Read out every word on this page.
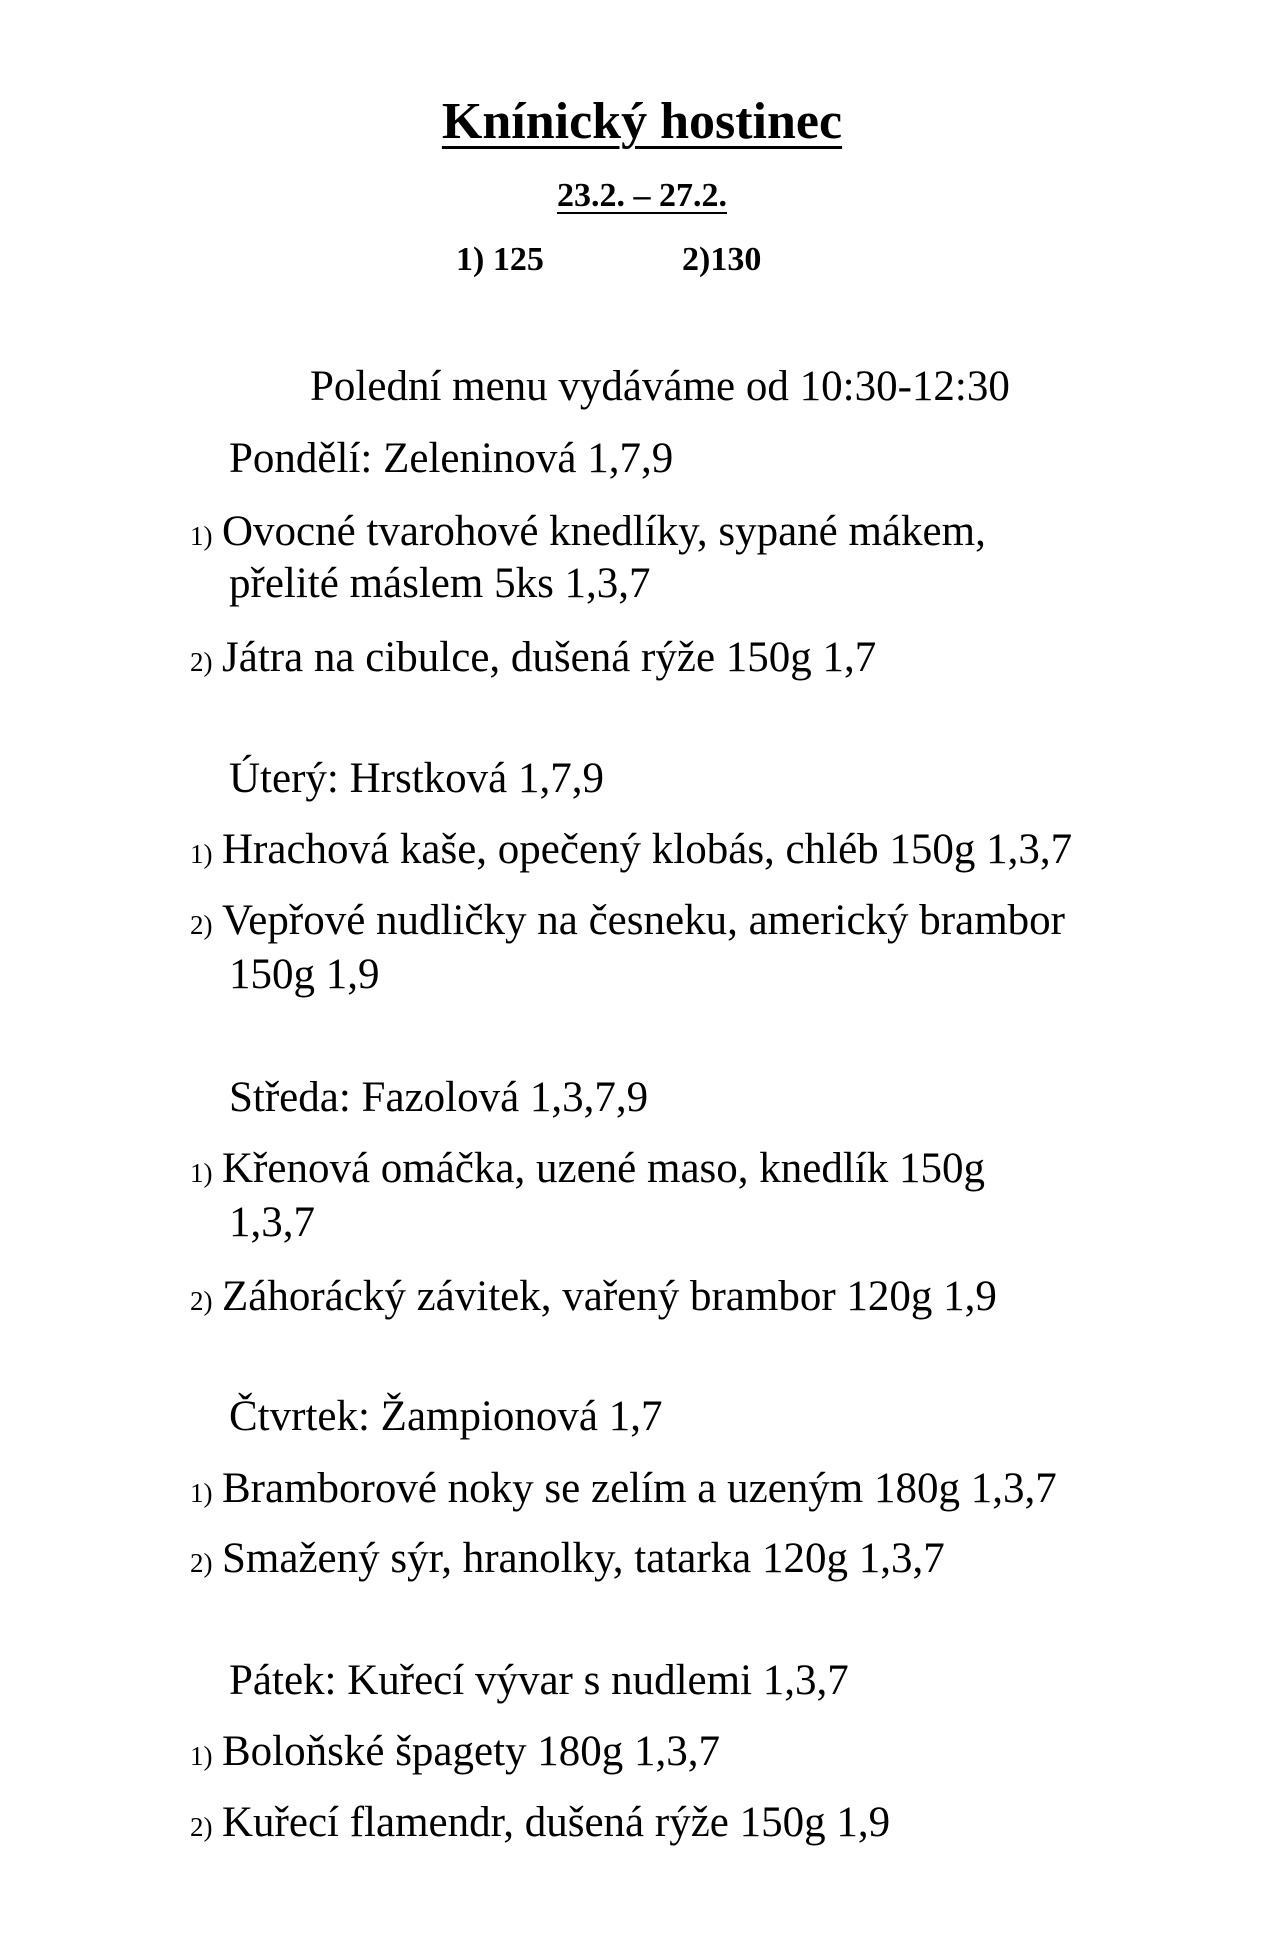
Knínický hostinec
23.2. – 27.2.
1) 125	2)130
Polední menu vydáváme od 10:30-12:30
Pondělí: Zeleninová 1,7,9
1) Ovocné tvarohové knedlíky, sypané mákem,
přelité máslem 5ks 1,3,7
2) Játra na cibulce, dušená rýže 150g 1,7
Úterý: Hrstková 1,7,9
1) Hrachová kaše, opečený klobás, chléb 150g 1,3,7
2) Vepřové nudličky na česneku, americký brambor
150g 1,9
Středa: Fazolová 1,3,7,9
1) Křenová omáčka, uzené maso, knedlík 150g
1,3,7
2) Záhorácký závitek, vařený brambor 120g 1,9
Čtvrtek: Žampionová 1,7
1) Bramborové noky se zelím a uzeným 180g 1,3,7
2) Smažený sýr, hranolky, tatarka 120g 1,3,7
Pátek: Kuřecí vývar s nudlemi 1,3,7
1) Boloňské špagety 180g 1,3,7
2) Kuřecí flamendr, dušená rýže 150g 1,9
